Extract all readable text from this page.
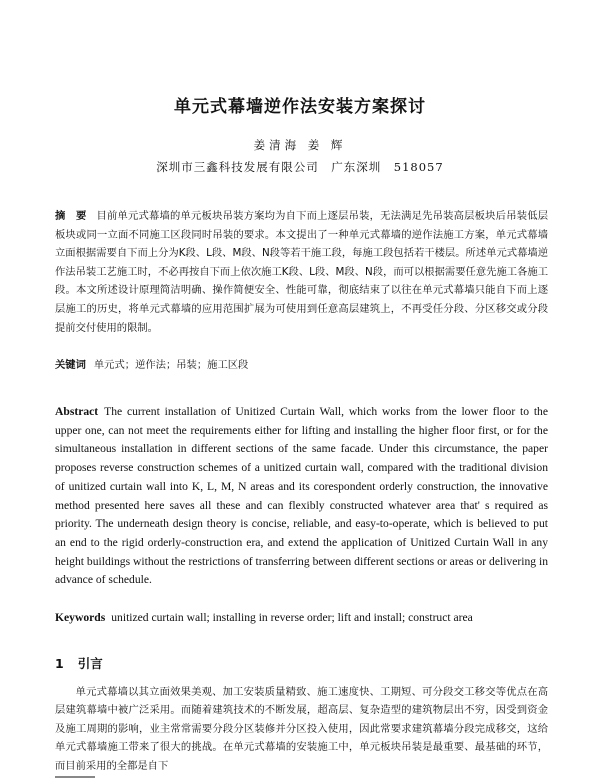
单元式幕墙逆作法安装方案探讨
姜清海 姜 辉
深圳市三鑫科技发展有限公司　广东深圳　518057
摘　要 目前单元式幕墙的单元板块吊装方案均为自下而上逐层吊装，无法满足先吊装高层板块后吊装低层板块或同一立面不同施工区段同时吊装的要求。本文提出了一种单元式幕墙的逆作法施工方案，单元式幕墙立面根据需要自下而上分为K段、L段、M段、N段等若干施工段，每施工段包括若干楼层。所述单元式幕墙逆作法吊装工艺施工时，不必再按自下而上依次施工K段、L段、M段、N段，而可以根据需要任意先施工各施工段。本文所述设计原理简洁明确、操作简便安全、性能可靠，彻底结束了以往在单元式幕墙只能自下而上逐层施工的历史，将单元式幕墙的应用范围扩展为可使用到任意高层建筑上，不再受任分段、分区移交或分段提前交付使用的限制。
关键词 单元式；逆作法；吊装；施工区段
Abstract The current installation of Unitized Curtain Wall, which works from the lower floor to the upper one, can not meet the requirements either for lifting and installing the higher floor first, or for the simultaneous installation in different sections of the same facade. Under this circumstance, the paper proposes reverse construction schemes of a unitized curtain wall, compared with the traditional division of unitized curtain wall into K, L, M, N areas and its corespondent orderly construction, the innovative method presented here saves all these and can flexibly constructed whatever area that' s required as priority. The underneath design theory is concise, reliable, and easy-to-operate, which is believed to put an end to the rigid orderly-construction era, and extend the application of Unitized Curtain Wall in any height buildings without the restrictions of transferring between different sections or areas or delivering in advance of schedule.
Keywords unitized curtain wall; installing in reverse order; lift and install; construct area
1 引言
单元式幕墙以其立面效果美观、加工安装质量精致、施工速度快、工期短、可分段交工移交等优点在高层建筑幕墙中被广泛采用。而随着建筑技术的不断发展，超高层、复杂造型的建筑物层出不穷，因受到资金及施工周期的影响，业主常常需要分段分区装修并分区投入使用，因此常要求建筑幕墙分段完成移交，这给单元式幕墙施工带来了很大的挑战。在单元式幕墙的安装施工中，单元板块吊装是最重要、最基础的环节，而目前采用的全都是自下
